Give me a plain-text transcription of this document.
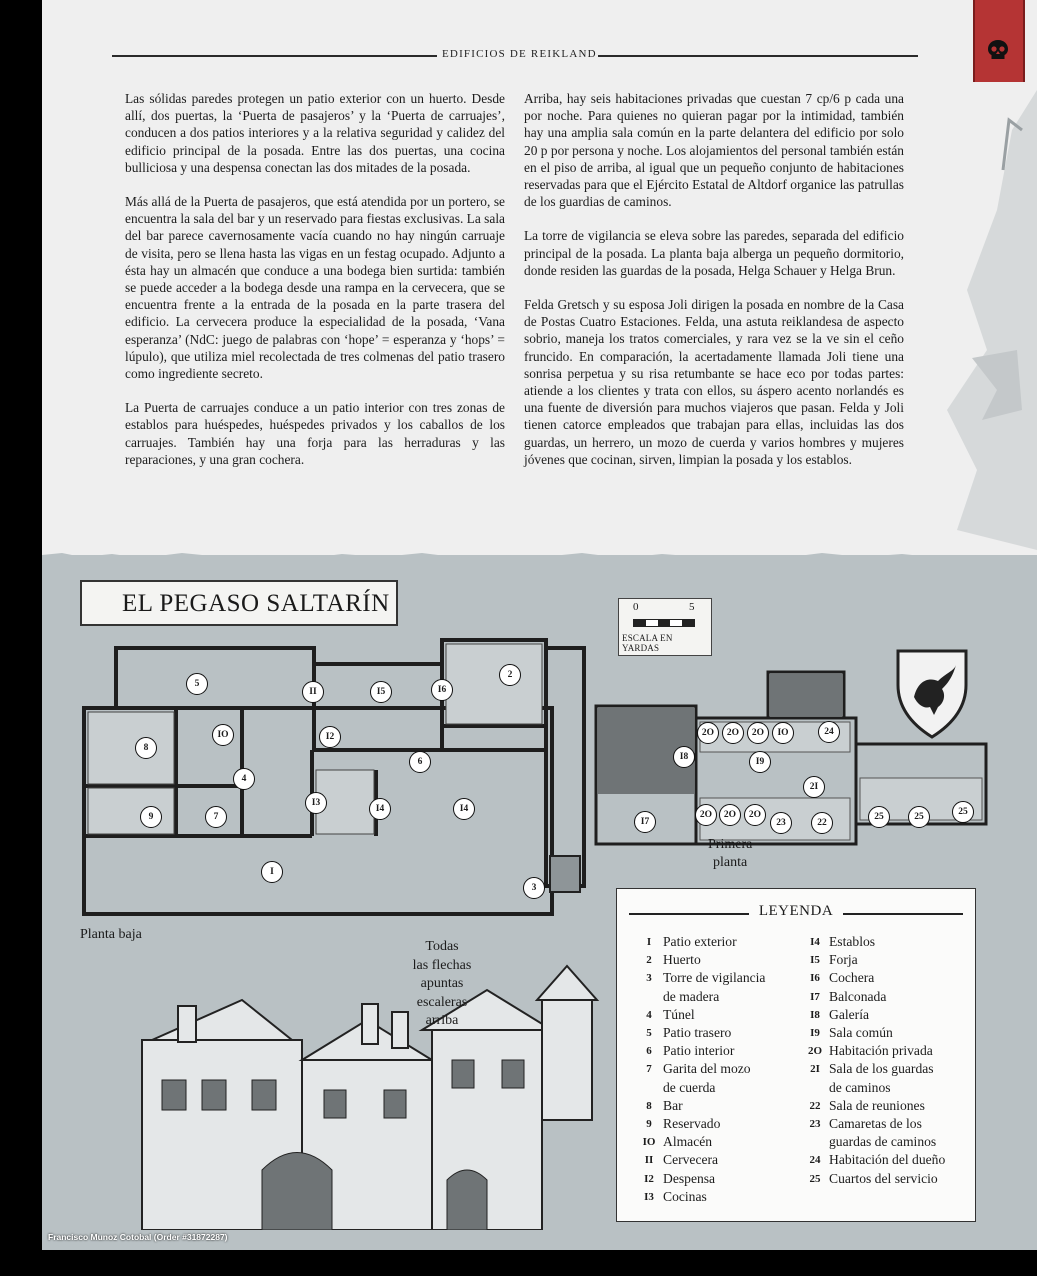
EDIFICIOS DE REIKLAND

Las sólidas paredes protegen un patio exterior con un huerto. Desde allí, dos puertas, la ‘Puerta de pasajeros’ y la ‘Puerta de carruajes’, conducen a dos patios interiores y a la relativa seguridad y calidez del edificio principal de la posada. Entre las dos puertas, una cocina bulliciosa y una despensa conectan las dos mitades de la posada.

Más allá de la Puerta de pasajeros, que está atendida por un portero, se encuentra la sala del bar y un reservado para fiestas exclusivas. La sala del bar parece cavernosamente vacía cuando no hay ningún carruaje de visita, pero se llena hasta las vigas en un festag ocupado. Adjunto a ésta hay un almacén que conduce a una bodega bien surtida: también se puede acceder a la bodega desde una rampa en la cervecera, que se encuentra frente a la entrada de la posada en la parte trasera del edificio. La cervecera produce la especialidad de la posada, ‘Vana esperanza’ (NdC: juego de palabras con ‘hope’ = esperanza y ‘hops’ = lúpulo), que utiliza miel recolectada de tres colmenas del patio trasero como ingrediente secreto.

La Puerta de carruajes conduce a un patio interior con tres zonas de establos para huéspedes, huéspedes privados y los caballos de los carruajes. También hay una forja para las herraduras y las reparaciones, y una gran cochera.

Arriba, hay seis habitaciones privadas que cuestan 7 cp/6 p cada una por noche. Para quienes no quieran pagar por la intimidad, también hay una amplia sala común en la parte delantera del edificio por solo 20 p por persona y noche. Los alojamientos del personal también están en el piso de arriba, al igual que un pequeño conjunto de habitaciones reservadas para que el Ejército Estatal de Altdorf organice las patrullas de los guardias de caminos.

La torre de vigilancia se eleva sobre las paredes, separada del edificio principal de la posada. La planta baja alberga un pequeño dormitorio, donde residen las guardas de la posada, Helga Schauer y Helga Brun.

Felda Gretsch y su esposa Joli dirigen la posada en nombre de la Casa de Postas Cuatro Estaciones. Felda, una astuta reiklandesa de aspecto sobrio, maneja los tratos comerciales, y rara vez se la ve sin el ceño fruncido. En comparación, la acertadamente llamada Joli tiene una sonrisa perpetua y su risa retumbante se hace eco por todas partes: atiende a los clientes y trata con ellos, su áspero acento norlandés es una fuente de diversión para muchos viajeros que pasan. Felda y Joli tienen catorce empleados que trabajan para ellas, incluidas las dos guardas, un herrero, un mozo de cuerda y varios hombres y mujeres jóvenes que cocinan, sirven, limpian la posada y los establos.

EL PEGASO SALTARÍN	0	5
ESCALA EN YARDAS
I
2
3
4
5
6
7
8
9
IO
II
I2
I3
I4	I4
I5	I6
Planta baja
I7
I8	I9
2O	2O	2O
2O	2O	2O
IO
2I
22
23
24
25	25	25
Primera
planta
Todas
las flechas
apuntas
escaleras
arriba
LEYENDA
I Patio exterior
2 Huerto
3 Torre de vigilancia
de madera
4 Túnel
5 Patio trasero
6 Patio interior
7 Garita del mozo
de cuerda
8 Bar
9 Reservado
IO Almacén
II Cervecera
I2 Despensa
I3 Cocinas
I4 Establos
I5 Forja
I6 Cochera
I7 Balconada
I8 Galería
I9 Sala común
2O Habitación privada
2I Sala de los guardas
de caminos
22 Sala de reuniones
23 Camaretas de los
guardas de caminos
24 Habitación del dueño
25 Cuartos del servicio
Francisco Munoz Cotobal (Order #31872287)
